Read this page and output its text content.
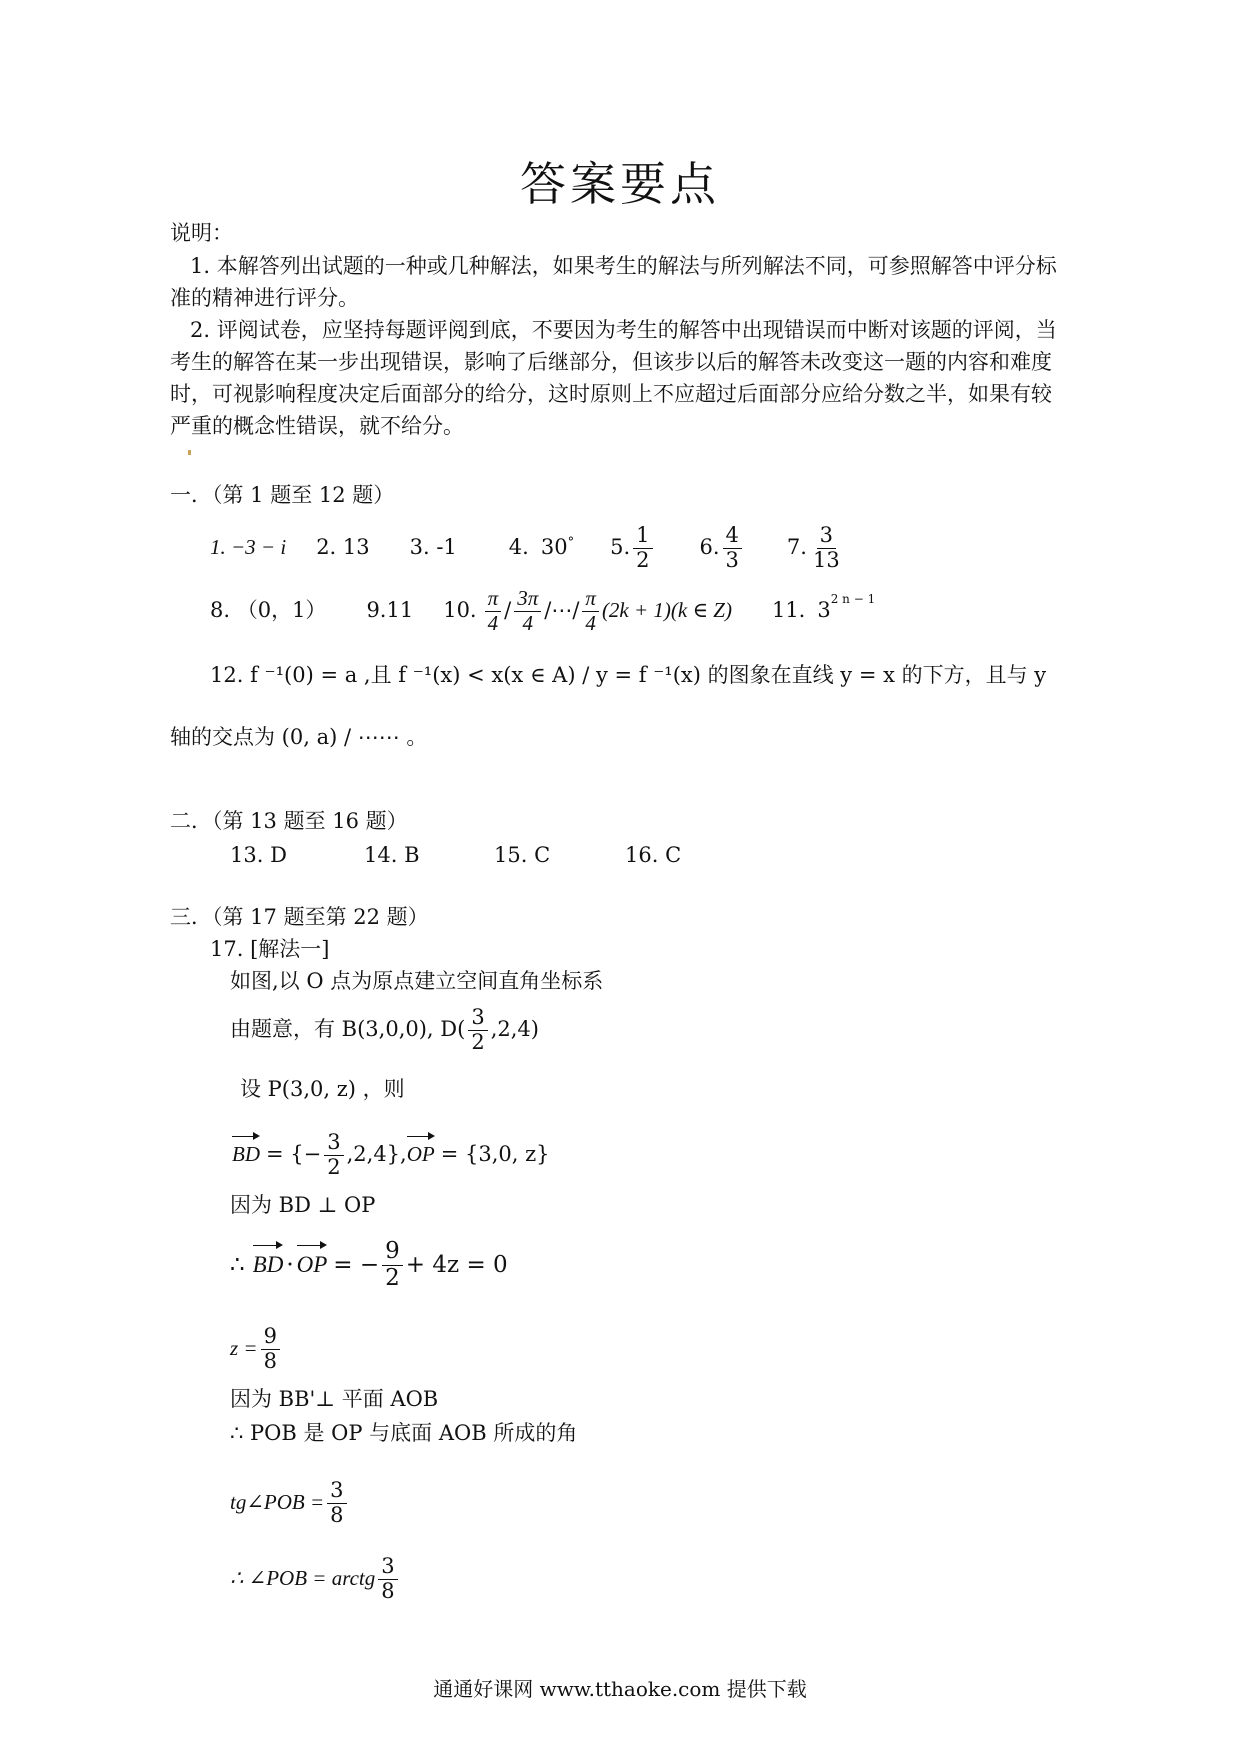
答案要点
说明：
1. 本解答列出试题的一种或几种解法，如果考生的解法与所列解法不同，可参照解答中评分标准的精神进行评分。
2. 评阅试卷，应坚持每题评阅到底，不要因为考生的解答中出现错误而中断对该题的评阅，当考生的解答在某一步出现错误，影响了后继部分，但该步以后的解答未改变这一题的内容和难度时，可视影响程度决定后面部分的给分，这时原则上不应超过后面部分应给分数之半，如果有较严重的概念性错误，就不给分。
一．（第 1 题至 12 题）
1. −3 − i 2. 13 3. -1 4. 30° 5. $\frac{1}{2} 6$. $\frac{4}{3} 7$. $\frac{3}{13}$
8. （0，1） 9.11 10. $\frac{\pi}{4} / \frac{3\pi}{4}$ /⋯/ $\frac{\pi}{4} (2k + 1)(k$ ∈ Z) 11. $3^{2 n - 1}$
12. f ⁻¹(0) = a ,且 f ⁻¹(x) < x(x ∈ A) / y = f ⁻¹(x) 的图象在直线 y = x 的下方，且与 y
轴的交点为 (0, a) / ⋯⋯ 。
二．（第 13 题至 16 题）
13. D	14. B	15. C	16. C
三．（第 17 题至第 22 题）
17. [解法一]
如图,以 O 点为原点建立空间直角坐标系
由题意，有 B(3,0,0), $D( \frac{3}{2} ,2,4)$
设 P(3,0, z) ，则
BD = {− $\frac{3}{2} ,2,4$}, OP = {3,0, z}
因为 BD ⊥ OP
∴ BD · OP = − $\frac{9}{2} + 4z = 0$
$z = \frac{9}{8}$
因为 BB'⊥ 平面 AOB
∴ POB 是 OP 与底面 AOB 所成的角
tg∠POB = $\frac{3}{8}$
∴ ∠POB = arctg $\frac{3}{8}$
通通好课网 www.tthaoke.com 提供下载
